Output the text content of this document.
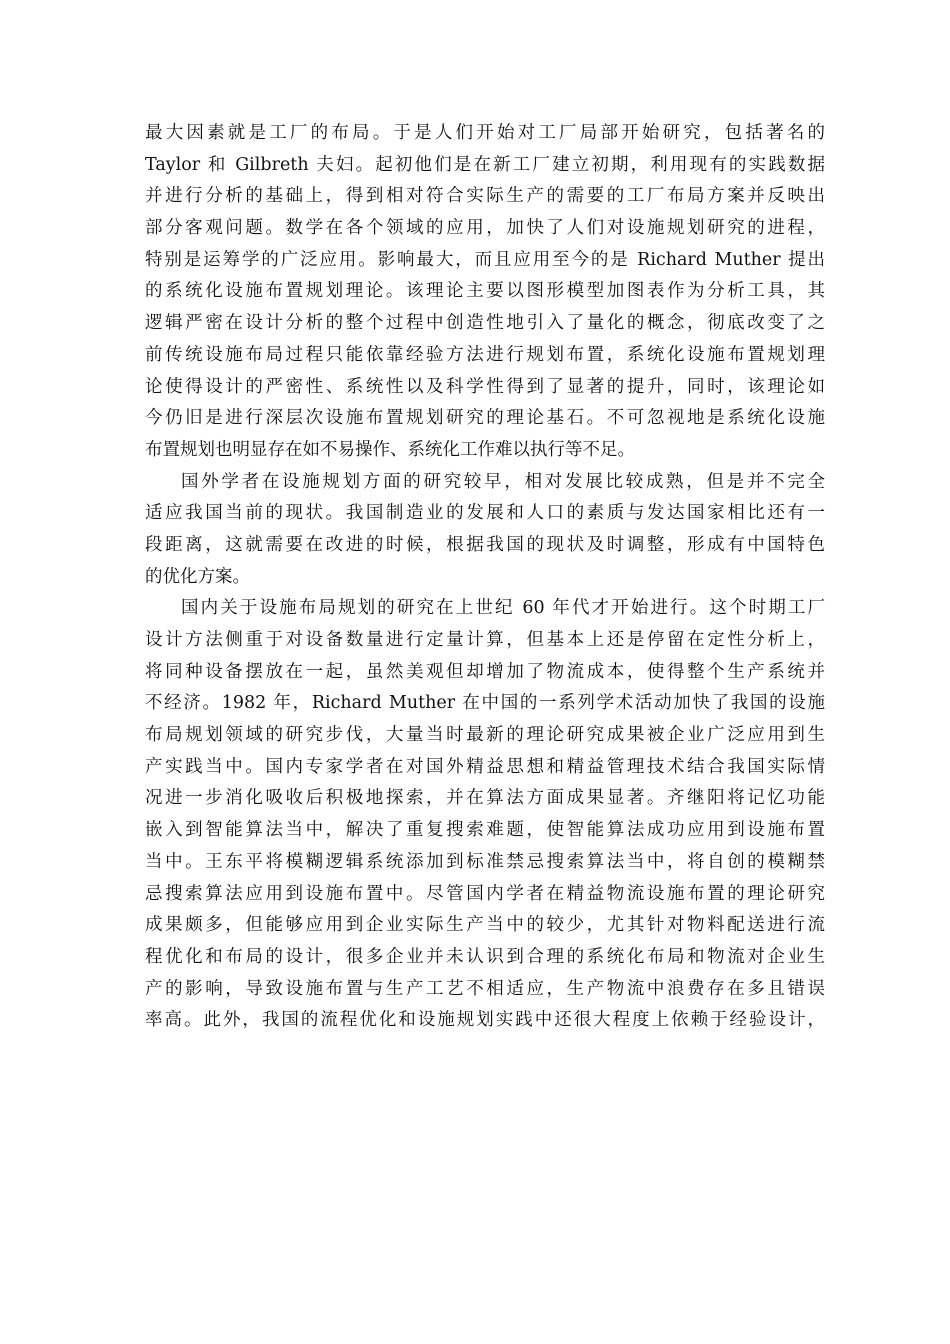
最大因素就是工厂的布局。于是人们开始对工厂局部开始研究，包括著名的
Taylor 和 Gilbreth 夫妇。起初他们是在新工厂建立初期，利用现有的实践数据
并进行分析的基础上，得到相对符合实际生产的需要的工厂布局方案并反映出
部分客观问题。数学在各个领域的应用，加快了人们对设施规划研究的进程，
特别是运筹学的广泛应用。影响最大，而且应用至今的是 Richard Muther 提出
的系统化设施布置规划理论。该理论主要以图形模型加图表作为分析工具，其
逻辑严密在设计分析的整个过程中创造性地引入了量化的概念，彻底改变了之
前传统设施布局过程只能依靠经验方法进行规划布置，系统化设施布置规划理
论使得设计的严密性、系统性以及科学性得到了显著的提升，同时，该理论如
今仍旧是进行深层次设施布置规划研究的理论基石。不可忽视地是系统化设施
布置规划也明显存在如不易操作、系统化工作难以执行等不足。
国外学者在设施规划方面的研究较早，相对发展比较成熟，但是并不完全
适应我国当前的现状。我国制造业的发展和人口的素质与发达国家相比还有一
段距离，这就需要在改进的时候，根据我国的现状及时调整，形成有中国特色
的优化方案。
国内关于设施布局规划的研究在上世纪 60 年代才开始进行。这个时期工厂
设计方法侧重于对设备数量进行定量计算，但基本上还是停留在定性分析上，
将同种设备摆放在一起，虽然美观但却增加了物流成本，使得整个生产系统并
不经济。1982 年，Richard Muther 在中国的一系列学术活动加快了我国的设施
布局规划领域的研究步伐，大量当时最新的理论研究成果被企业广泛应用到生
产实践当中。国内专家学者在对国外精益思想和精益管理技术结合我国实际情
况进一步消化吸收后积极地探索，并在算法方面成果显著。齐继阳将记忆功能
嵌入到智能算法当中，解决了重复搜索难题，使智能算法成功应用到设施布置
当中。王东平将模糊逻辑系统添加到标准禁忌搜索算法当中，将自创的模糊禁
忌搜索算法应用到设施布置中。尽管国内学者在精益物流设施布置的理论研究
成果颇多，但能够应用到企业实际生产当中的较少，尤其针对物料配送进行流
程优化和布局的设计，很多企业并未认识到合理的系统化布局和物流对企业生
产的影响，导致设施布置与生产工艺不相适应，生产物流中浪费存在多且错误
率高。此外，我国的流程优化和设施规划实践中还很大程度上依赖于经验设计，
